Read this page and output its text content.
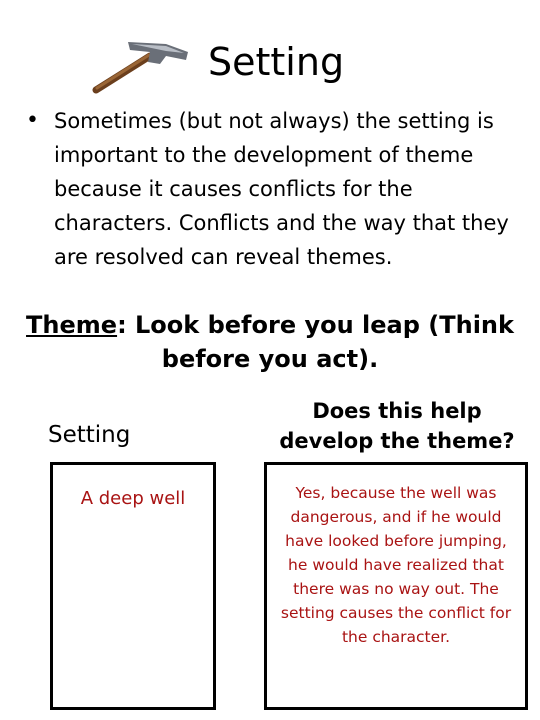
Setting
• Sometimes (but not always) the setting is important to the development of theme because it causes conflicts for the characters. Conflicts and the way that they are resolved can reveal themes.
Theme: Look before you leap (Think before you act).
Setting
Does this help develop the theme?
A deep well	Yes, because the well was dangerous, and if he would have looked before jumping, he would have realized that there was no way out. The setting causes the conflict for the character.
